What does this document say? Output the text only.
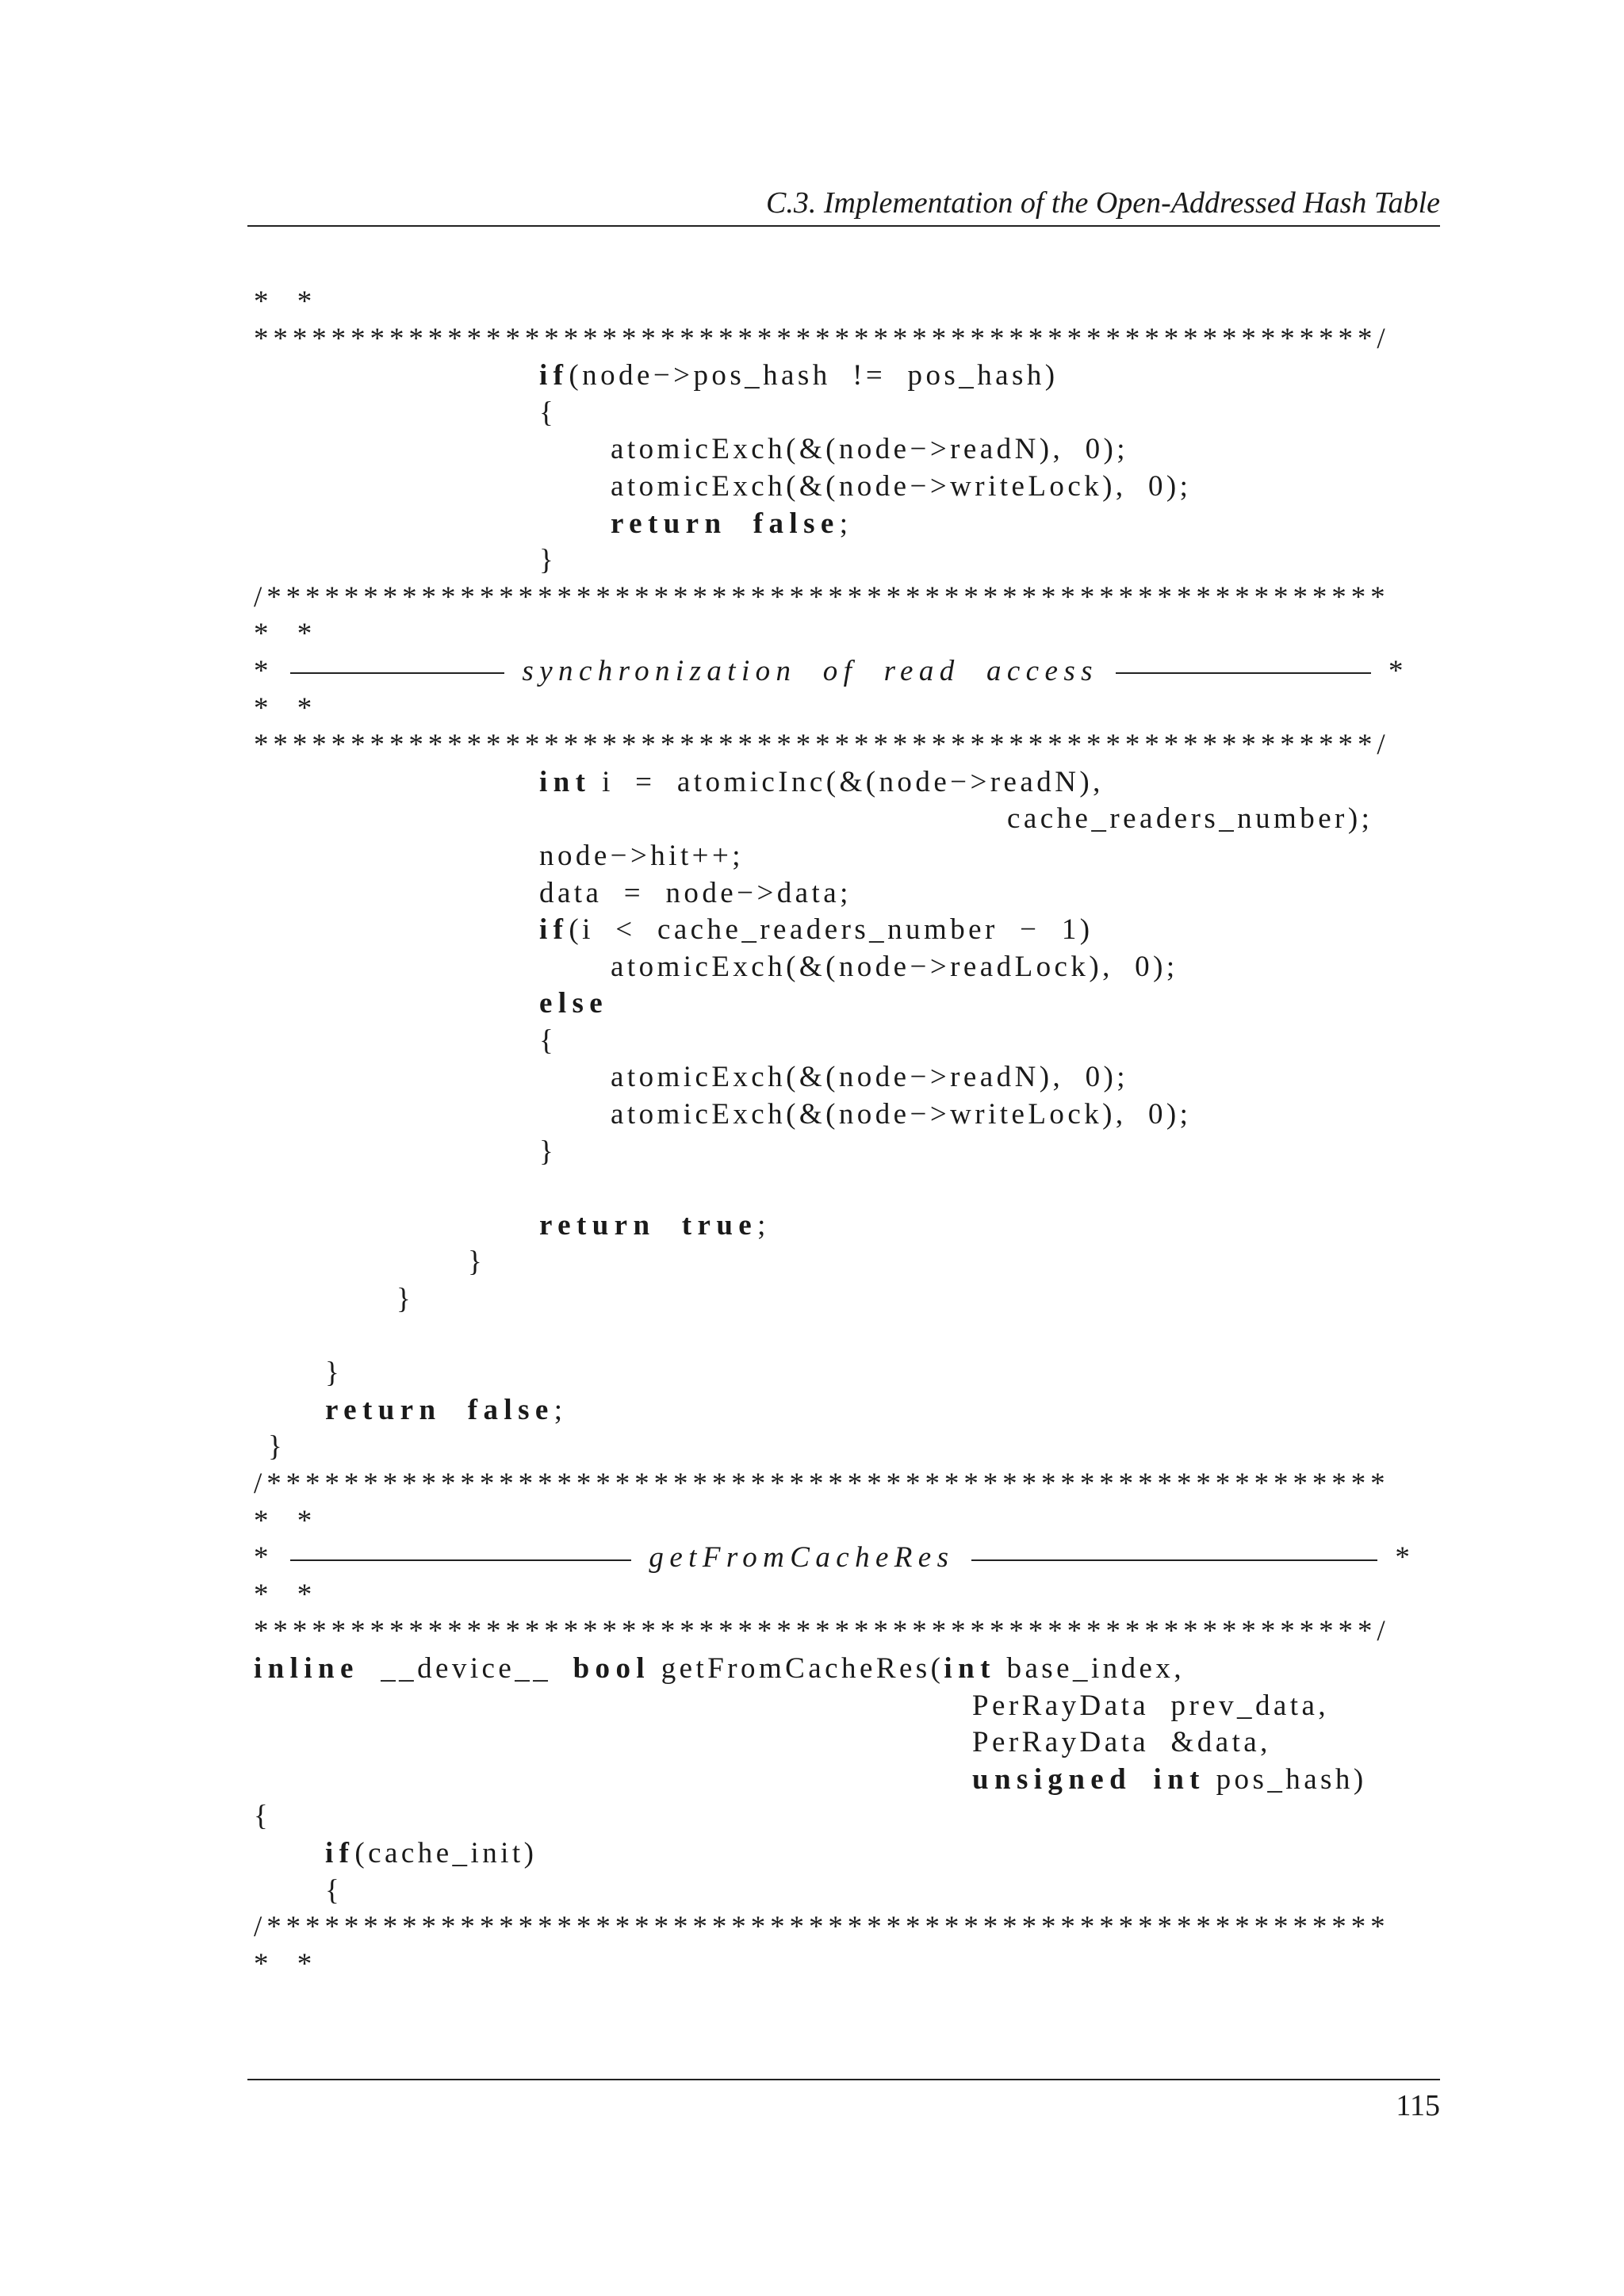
C.3. Implementation of the Open-Addressed Hash Table
*  *
**********************************************************/
if(node−>pos_hash  !=  pos_hash)
{
atomicExch(&(node−>readN),  0);
atomicExch(&(node−>writeLock),  0);
return  false;
}
/**********************************************************
*  *
*	synchronization  of  read  access	*
*  *
**********************************************************/
int i  =  atomicInc(&(node−>readN),
cache_readers_number);
node−>hit++;
data  =  node−>data;
if(i  <  cache_readers_number  −  1)
atomicExch(&(node−>readLock),  0);
else
{
atomicExch(&(node−>readN),  0);
atomicExch(&(node−>writeLock),  0);
}
return  true;
}
}
}
return  false;
}
/**********************************************************
*  *
*	getFromCacheRes	*
*  *
**********************************************************/
inline __device__ bool getFromCacheRes(int base_index,
PerRayData  prev_data,
PerRayData  &data,
unsigned int pos_hash)
{
if(cache_init)
{
/**********************************************************
*  *
115
